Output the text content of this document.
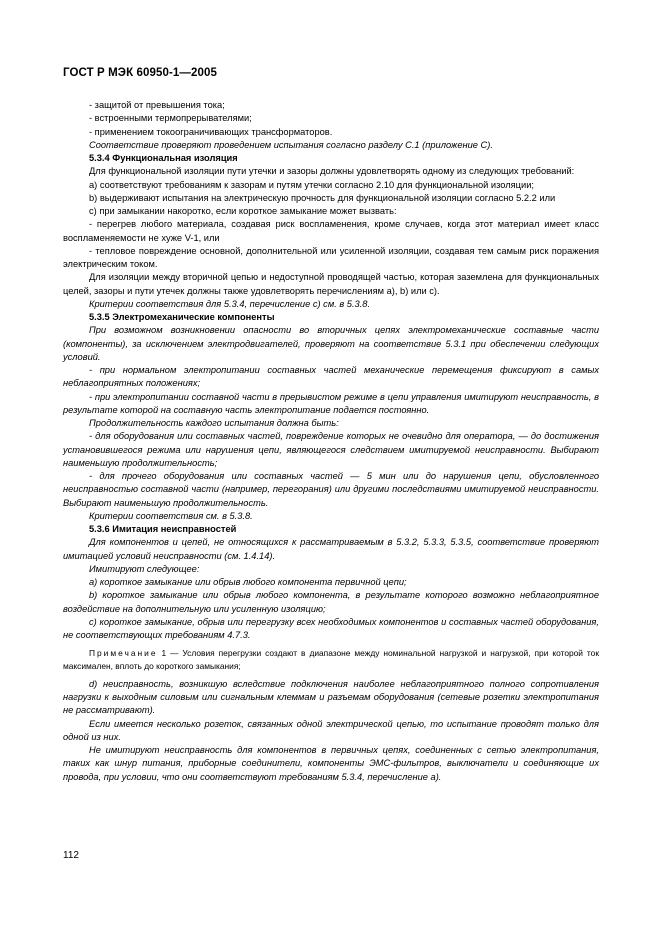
ГОСТ Р МЭК 60950-1—2005

- защитой от превышения тока;

- встроенными термопрерывателями;

- применением токоограничивающих трансформаторов.

Соответствие проверяют проведением испытания согласно разделу С.1 (приложение С).

5.3.4 Функциональная изоляция

Для функциональной изоляции пути утечки и зазоры должны удовлетворять одному из следующих требований:

а) соответствуют требованиям к зазорам и путям утечки согласно 2.10 для функциональной изоляции;

b) выдерживают испытания на электрическую прочность для функциональной изоляции согласно 5.2.2 или

с) при замыкании накоротко, если короткое замыкание может вызвать:

- перегрев любого материала, создавая риск воспламенения, кроме случаев, когда этот материал имеет класс воспламеняемости не хуже V-1, или

- тепловое повреждение основной, дополнительной или усиленной изоляции, создавая тем самым риск поражения электрическим током.

Для изоляции между вторичной цепью и недоступной проводящей частью, которая заземлена для функциональных целей, зазоры и пути утечек должны также удовлетворять перечислениям а), b) или с).

Критерии соответствия для 5.3.4, перечисление с) см. в 5.3.8.

5.3.5 Электромеханические компоненты

При возможном возникновении опасности во вторичных цепях электромеханические составные части (компоненты), за исключением электродвигателей, проверяют на соответствие 5.3.1 при обеспечении следующих условий.

- при нормальном электропитании составных частей механические перемещения фиксируют в самых неблагоприятных положениях;

- при электропитании составной части в прерывистом режиме в цепи управления имитируют неисправность, в результате которой на составную часть электропитание подается постоянно.

Продолжительность каждого испытания должна быть:

- для оборудования или составных частей, повреждение которых не очевидно для оператора, — до достижения установившегося режима или нарушения цепи, являющегося следствием имитируемой неисправности. Выбирают наименьшую продолжительность;

- для прочего оборудования или составных частей — 5 мин или до нарушения цепи, обусловленного неисправностью составной части (например, перегорания) или другими последствиями имитируемой неисправности. Выбирают наименьшую продолжительность.

Критерии соответствия см. в 5.3.8.

5.3.6 Имитация неисправностей

Для компонентов и цепей, не относящихся к рассматриваемым в 5.3.2, 5.3.3, 5.3.5, соответствие проверяют имитацией условий неисправности (см. 1.4.14).

Имитируют следующее:

а) короткое замыкание или обрыв любого компонента первичной цепи;

b) короткое замыкание или обрыв любого компонента, в результате которого возможно неблагоприятное воздействие на дополнительную или усиленную изоляцию;

с) короткое замыкание, обрыв или перегрузку всех необходимых компонентов и составных частей оборудования, не соответствующих требованиям 4.7.3.

Примечание 1 — Условия перегрузки создают в диапазоне между номинальной нагрузкой и нагрузкой, при которой ток максимален, вплоть до короткого замыкания;

d) неисправность, возникшую вследствие подключения наиболее неблагоприятного полного сопротивления нагрузки к выходным силовым или сигнальным клеммам и разъемам оборудования (сетевые розетки электропитания не рассматривают).

Если имеется несколько розеток, связанных одной электрической цепью, то испытание проводят только для одной из них.

Не имитируют неисправность для компонентов в первичных цепях, соединенных с сетью электропитания, таких как шнур питания, приборные соединители, компоненты ЭМС-фильтров, выключатели и соединяющие их провода, при условии, что они соответствуют требованиям 5.3.4, перечисление а).

112
